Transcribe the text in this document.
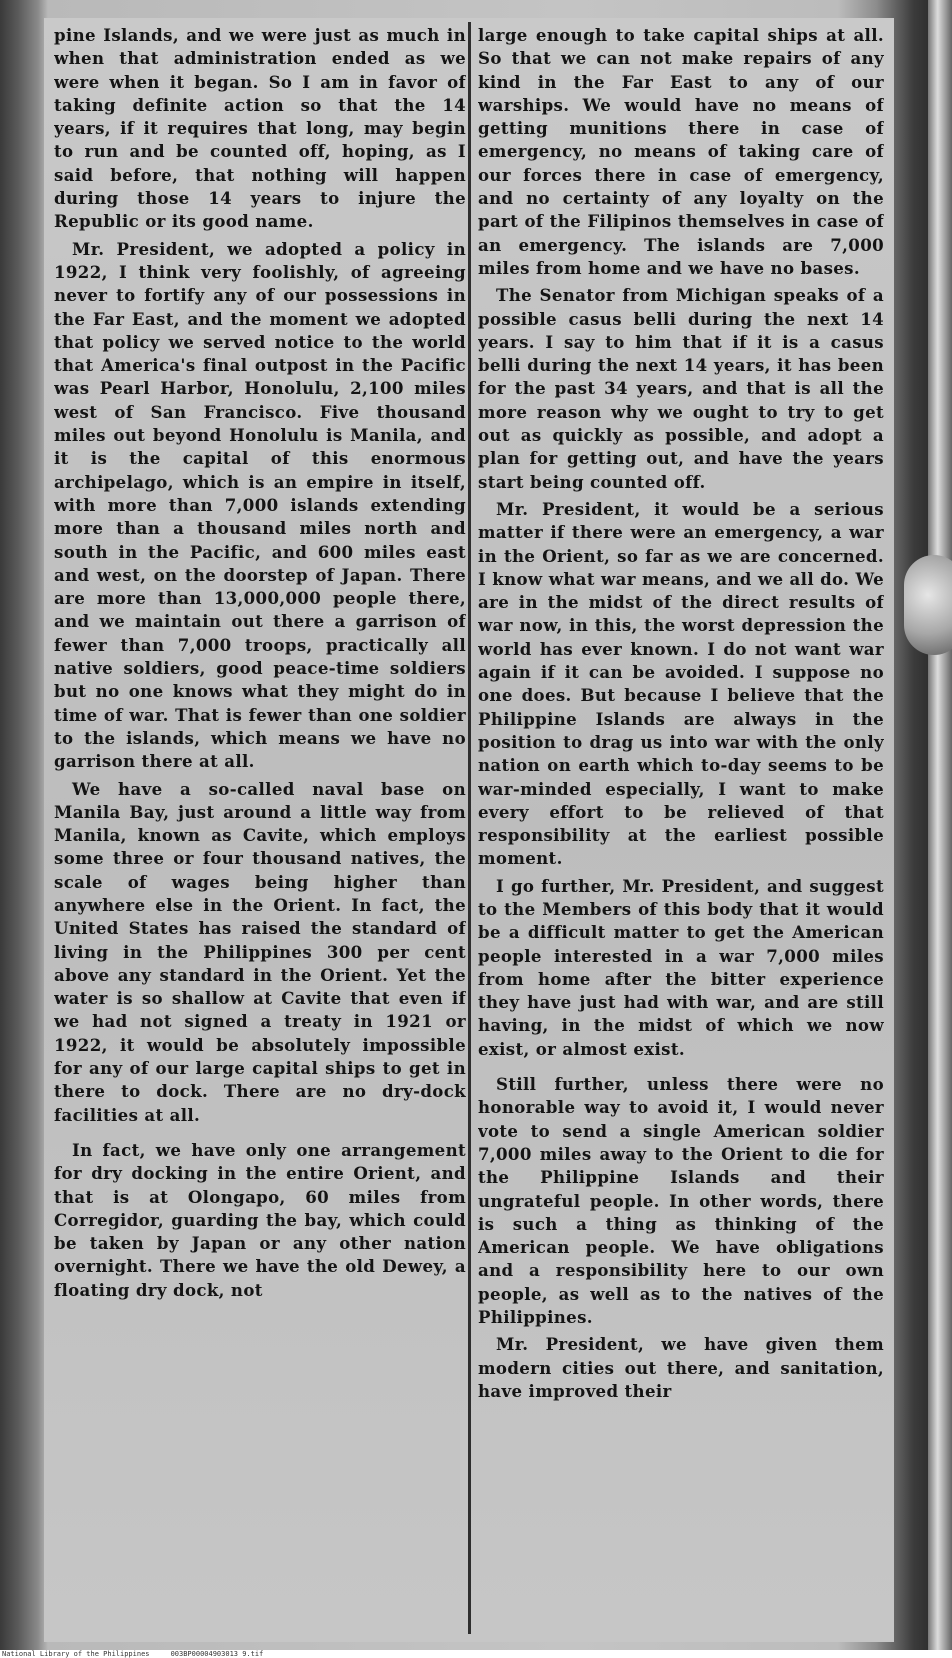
pine Islands, and we were just as much in when that administration ended as we were when it began. So I am in favor of taking definite action so that the 14 years, if it requires that long, may begin to run and be counted off, hoping, as I said before, that nothing will happen during those 14 years to injure the Republic or its good name.

Mr. President, we adopted a policy in 1922, I think very foolishly, of agreeing never to fortify any of our possessions in the Far East, and the moment we adopted that policy we served notice to the world that America's final outpost in the Pacific was Pearl Harbor, Honolulu, 2,100 miles west of San Francisco. Five thousand miles out beyond Honolulu is Manila, and it is the capital of this enormous archipelago, which is an empire in itself, with more than 7,000 islands extending more than a thousand miles north and south in the Pacific, and 600 miles east and west, on the doorstep of Japan. There are more than 13,000,000 people there, and we maintain out there a garrison of fewer than 7,000 troops, practically all native soldiers, good peace-time soldiers but no one knows what they might do in time of war. That is fewer than one soldier to the islands, which means we have no garrison there at all.

We have a so-called naval base on Manila Bay, just around a little way from Manila, known as Cavite, which employs some three or four thousand natives, the scale of wages being higher than anywhere else in the Orient. In fact, the United States has raised the standard of living in the Philippines 300 per cent above any standard in the Orient. Yet the water is so shallow at Cavite that even if we had not signed a treaty in 1921 or 1922, it would be absolutely impossible for any of our large capital ships to get in there to dock. There are no dry-dock facilities at all.

In fact, we have only one arrangement for dry docking in the entire Orient, and that is at Olongapo, 60 miles from Corregidor, guarding the bay, which could be taken by Japan or any other nation overnight. There we have the old Dewey, a floating dry dock, not

large enough to take capital ships at all. So that we can not make repairs of any kind in the Far East to any of our warships. We would have no means of getting munitions there in case of emergency, no means of taking care of our forces there in case of emergency, and no certainty of any loyalty on the part of the Filipinos themselves in case of an emergency. The islands are 7,000 miles from home and we have no bases.

The Senator from Michigan speaks of a possible casus belli during the next 14 years. I say to him that if it is a casus belli during the next 14 years, it has been for the past 34 years, and that is all the more reason why we ought to try to get out as quickly as possible, and adopt a plan for getting out, and have the years start being counted off.

Mr. President, it would be a serious matter if there were an emergency, a war in the Orient, so far as we are concerned. I know what war means, and we all do. We are in the midst of the direct results of war now, in this, the worst depression the world has ever known. I do not want war again if it can be avoided. I suppose no one does. But because I believe that the Philippine Islands are always in the position to drag us into war with the only nation on earth which to-day seems to be war-minded especially, I want to make every effort to be relieved of that responsibility at the earliest possible moment.

I go further, Mr. President, and suggest to the Members of this body that it would be a difficult matter to get the American people interested in a war 7,000 miles from home after the bitter experience they have just had with war, and are still having, in the midst of which we now exist, or almost exist.

Still further, unless there were no honorable way to avoid it, I would never vote to send a single American soldier 7,000 miles away to the Orient to die for the Philippine Islands and their ungrateful people. In other words, there is such a thing as thinking of the American people. We have obligations and a responsibility here to our own people, as well as to the natives of the Philippines.

Mr. President, we have given them modern cities out there, and sanitation, have improved their

National Library of the Philippines     003BP00004903013 9.tif
